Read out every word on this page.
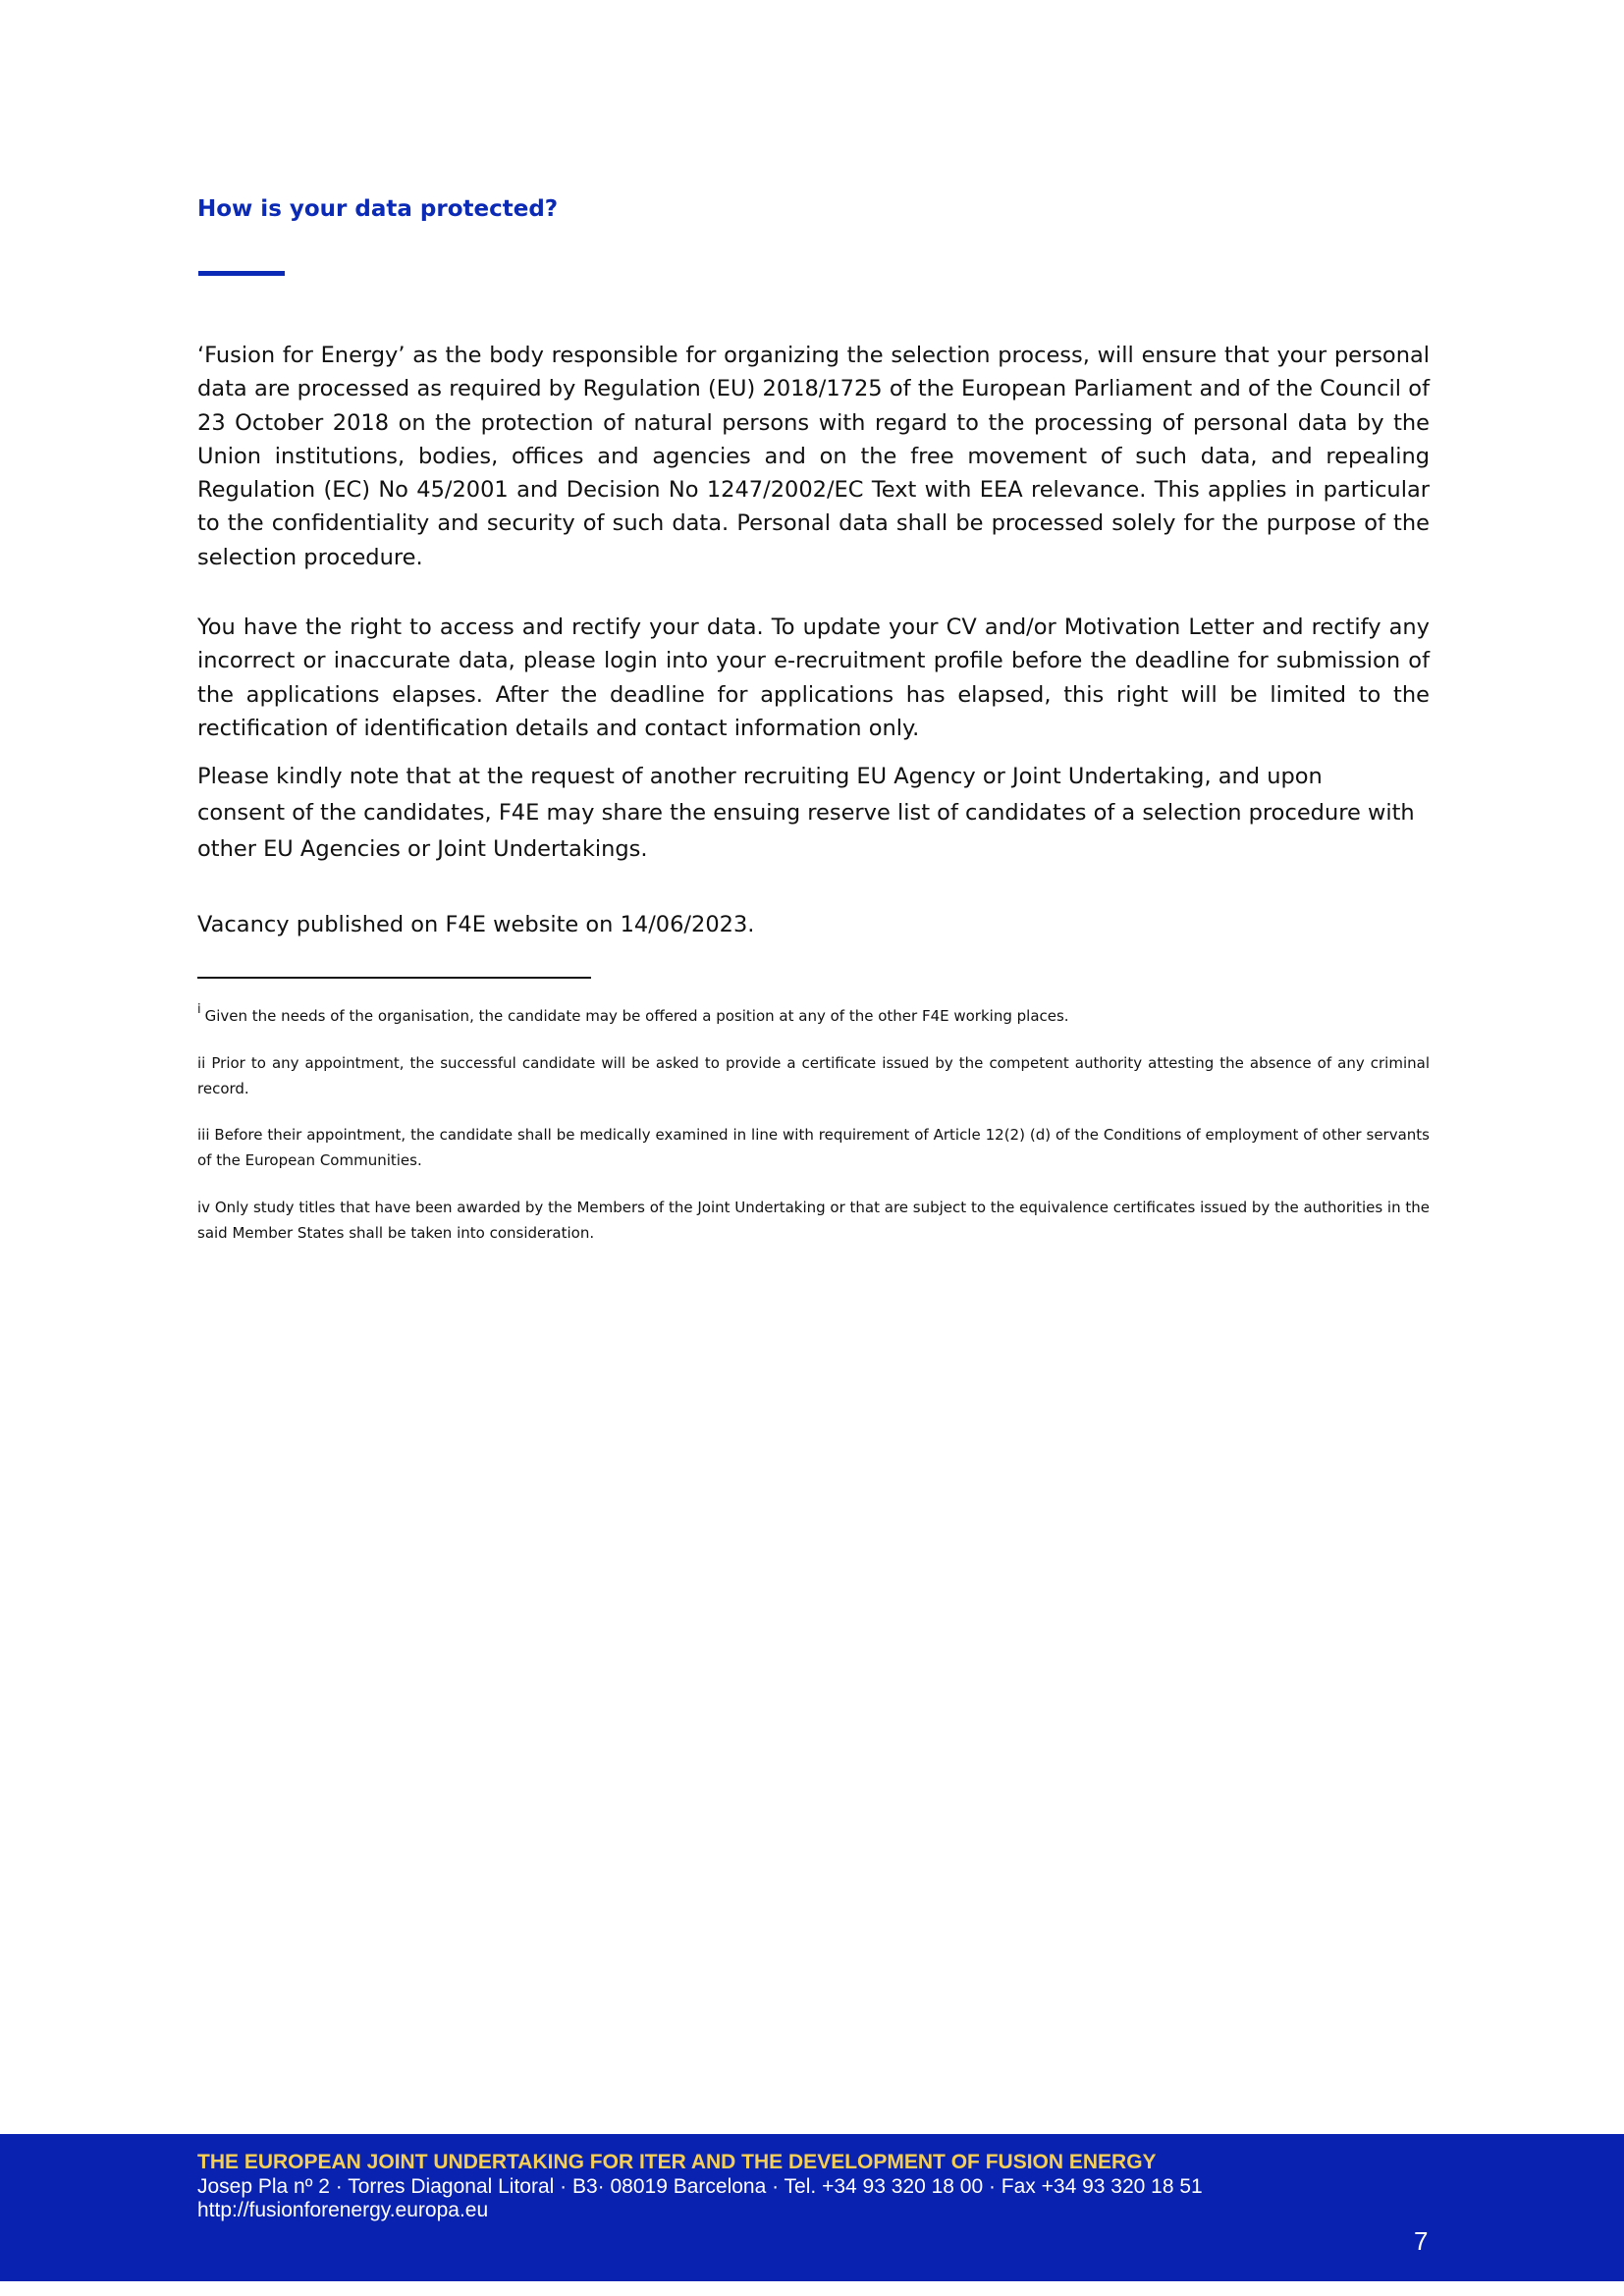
How is your data protected?

‘Fusion for Energy’ as the body responsible for organizing the selection process, will ensure that your personal data are processed as required by Regulation (EU) 2018/1725 of the European Parliament and of the Council of 23 October 2018 on the protection of natural persons with regard to the processing of personal data by the Union institutions, bodies, offices and agencies and on the free movement of such data, and repealing Regulation (EC) No 45/2001 and Decision No 1247/2002/EC Text with EEA relevance. This applies in particular to the confidentiality and security of such data. Personal data shall be processed solely for the purpose of the selection procedure.

You have the right to access and rectify your data. To update your CV and/or Motivation Letter and rectify any incorrect or inaccurate data, please login into your e-recruitment profile before the deadline for submission of the applications elapses. After the deadline for applications has elapsed, this right will be limited to the rectification of identification details and contact information only.

Please kindly note that at the request of another recruiting EU Agency or Joint Undertaking, and upon consent of the candidates, F4E may share the ensuing reserve list of candidates of a selection procedure with other EU Agencies or Joint Undertakings.

Vacancy published on F4E website on 14/06/2023.

i Given the needs of the organisation, the candidate may be offered a position at any of the other F4E working places.

ii Prior to any appointment, the successful candidate will be asked to provide a certificate issued by the competent authority attesting the absence of any criminal record.

iii Before their appointment, the candidate shall be medically examined in line with requirement of Article 12(2) (d) of the Conditions of employment of other servants of the European Communities.

iv Only study titles that have been awarded by the Members of the Joint Undertaking or that are subject to the equivalence certificates issued by the authorities in the said Member States shall be taken into consideration.

THE EUROPEAN JOINT UNDERTAKING FOR ITER AND THE DEVELOPMENT OF FUSION ENERGY
Josep Pla nº 2 · Torres Diagonal Litoral · B3· 08019 Barcelona · Tel. +34 93 320 18 00 · Fax +34 93 320 18 51
http://fusionforenergy.europa.eu
7
